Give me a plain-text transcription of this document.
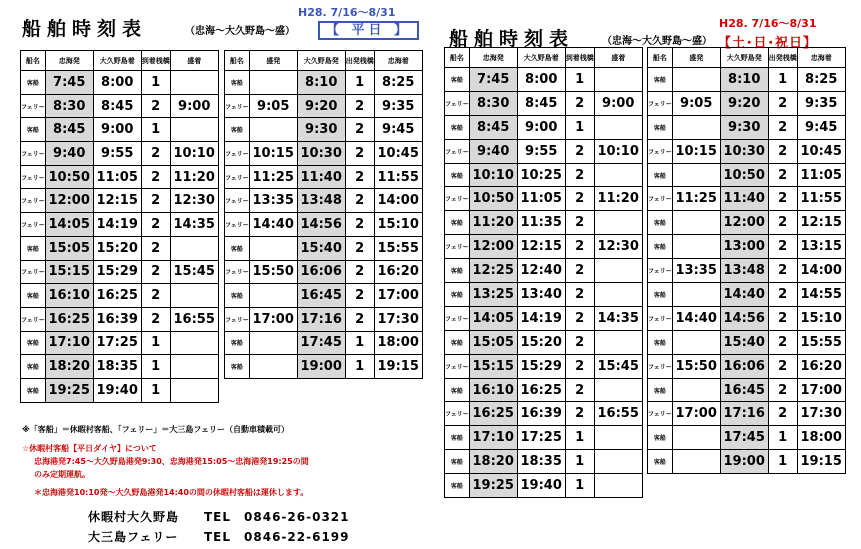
船舶時刻表	（忠海～大久野島～盛）
H28. 7/16～8/31
【 平日 】	船舶時刻表	（忠海～大久野島～盛）
H28. 7/16～8/31
【土･日･祝日】
船名	忠海発	大久野島着	到着桟橋	盛着
客船	7:45	8:00	1	
フェリー	8:30	8:45	2	9:00
客船	8:45	9:00	1	
フェリー	9:40	9:55	2	10:10
フェリー	10:50	11:05	2	11:20
フェリー	12:00	12:15	2	12:30
フェリー	14:05	14:19	2	14:35
客船	15:05	15:20	2	
フェリー	15:15	15:29	2	15:45
客船	16:10	16:25	2	
フェリー	16:25	16:39	2	16:55
客船	17:10	17:25	1	
客船	18:20	18:35	1	
客船	19:25	19:40	1	
船名	盛発	大久野島発	出発桟橋	忠海着
客船		8:10	1	8:25
フェリー	9:05	9:20	2	9:35
客船		9:30	2	9:45
フェリー	10:15	10:30	2	10:45
フェリー	11:25	11:40	2	11:55
フェリー	13:35	13:48	2	14:00
フェリー	14:40	14:56	2	15:10
客船		15:40	2	15:55
フェリー	15:50	16:06	2	16:20
客船		16:45	2	17:00
フェリー	17:00	17:16	2	17:30
客船		17:45	1	18:00
客船		19:00	1	19:15
船名	忠海発	大久野島着	到着桟橋	盛着
客船	7:45	8:00	1	
フェリー	8:30	8:45	2	9:00
客船	8:45	9:00	1	
フェリー	9:40	9:55	2	10:10
客船	10:10	10:25	2	
フェリー	10:50	11:05	2	11:20
客船	11:20	11:35	2	
フェリー	12:00	12:15	2	12:30
客船	12:25	12:40	2	
客船	13:25	13:40	2	
フェリー	14:05	14:19	2	14:35
客船	15:05	15:20	2	
フェリー	15:15	15:29	2	15:45
客船	16:10	16:25	2	
フェリー	16:25	16:39	2	16:55
客船	17:10	17:25	1	
客船	18:20	18:35	1	
客船	19:25	19:40	1	
船名	盛発	大久野島発	出発桟橋	忠海着
客船		8:10	1	8:25
フェリー	9:05	9:20	2	9:35
客船		9:30	2	9:45
フェリー	10:15	10:30	2	10:45
客船		10:50	2	11:05
フェリー	11:25	11:40	2	11:55
客船		12:00	2	12:15
客船		13:00	2	13:15
フェリー	13:35	13:48	2	14:00
客船		14:40	2	14:55
フェリー	14:40	14:56	2	15:10
客船		15:40	2	15:55
フェリー	15:50	16:06	2	16:20
客船		16:45	2	17:00
フェリー	17:00	17:16	2	17:30
客船		17:45	1	18:00
客船		19:00	1	19:15
※「客船」＝休暇村客船、「フェリー」＝大三島フェリー（自動車積載可）
☆休暇村客船【平日ダイヤ】について
忠海港発7:45～大久野島港発9:30、忠海港発15:05～忠海港発19:25の間
のみ定期運航。
＊忠海港発10:10発～大久野島港発14:40の間の休暇村客船は運休します。
休暇村大久野島 TEL　0846-26-0321
大三島フェリー TEL　0846-22-6199
